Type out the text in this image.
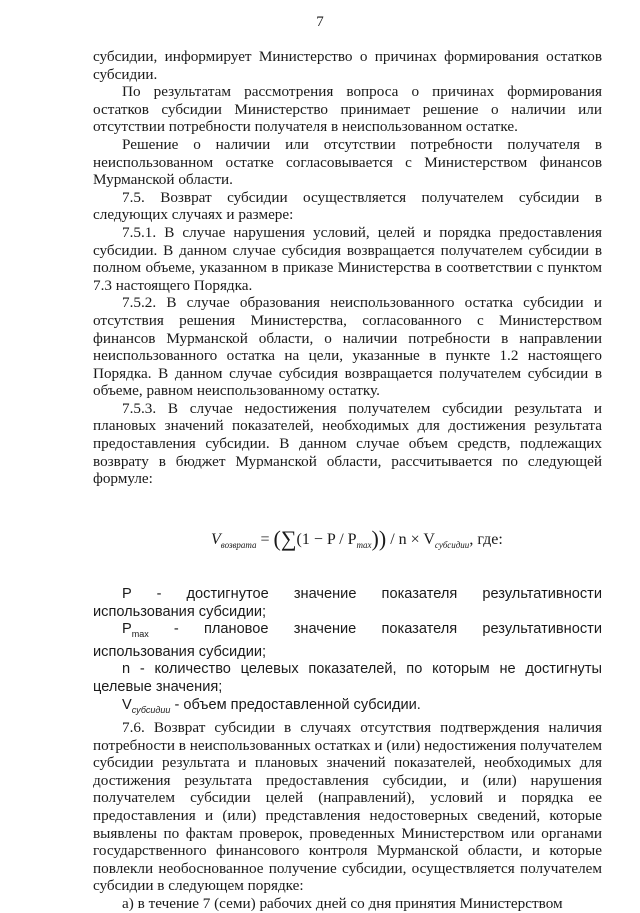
7

субсидии, информирует Министерство о причинах формирования остатков субсидии.

По результатам рассмотрения вопроса о причинах формирования остатков субсидии Министерство принимает решение о наличии или отсутствии потребности получателя в неиспользованном остатке.

Решение о наличии или отсутствии потребности получателя в неиспользованном остатке согласовывается с Министерством финансов Мурманской области.

7.5. Возврат субсидии осуществляется получателем субсидии в следующих случаях и размере:

7.5.1. В случае нарушения условий, целей и порядка предоставления субсидии. В данном случае субсидия возвращается получателем субсидии в полном объеме, указанном в приказе Министерства в соответствии с пунктом 7.3 настоящего Порядка.

7.5.2. В случае образования неиспользованного остатка субсидии и отсутствия решения Министерства, согласованного с Министерством финансов Мурманской области, о наличии потребности в направлении неиспользованного остатка на цели, указанные в пункте 1.2 настоящего Порядка. В данном случае субсидия возвращается получателем субсидии в объеме, равном неиспользованному остатку.

7.5.3. В случае недостижения получателем субсидии результата и плановых значений показателей, необходимых для достижения результата предоставления субсидии. В данном случае объем средств, подлежащих возврату в бюджет Мурманской области, рассчитывается по следующей формуле:

$V_{возврата} = (\sum(1 - P / P_{max})) / n \times V_{субсидии}$, где:

P - достигнутое значение показателя результативности использования субсидии;

$P_{max}$ - плановое значение показателя результативности использования субсидии;

n - количество целевых показателей, по которым не достигнуты целевые значения;

$V_{субсидии}$ - объем предоставленной субсидии.

7.6. Возврат субсидии в случаях отсутствия подтверждения наличия потребности в неиспользованных остатках и (или) недостижения получателем субсидии результата и плановых значений показателей, необходимых для достижения результата предоставления субсидии, и (или) нарушения получателем субсидии целей (направлений), условий и порядка ее предоставления и (или) представления недостоверных сведений, которые выявлены по фактам проверок, проведенных Министерством или органами государственного финансового контроля Мурманской области, и которые повлекли необоснованное получение субсидии, осуществляется получателем субсидии в следующем порядке:

а) в течение 7 (семи) рабочих дней со дня принятия Министерством
